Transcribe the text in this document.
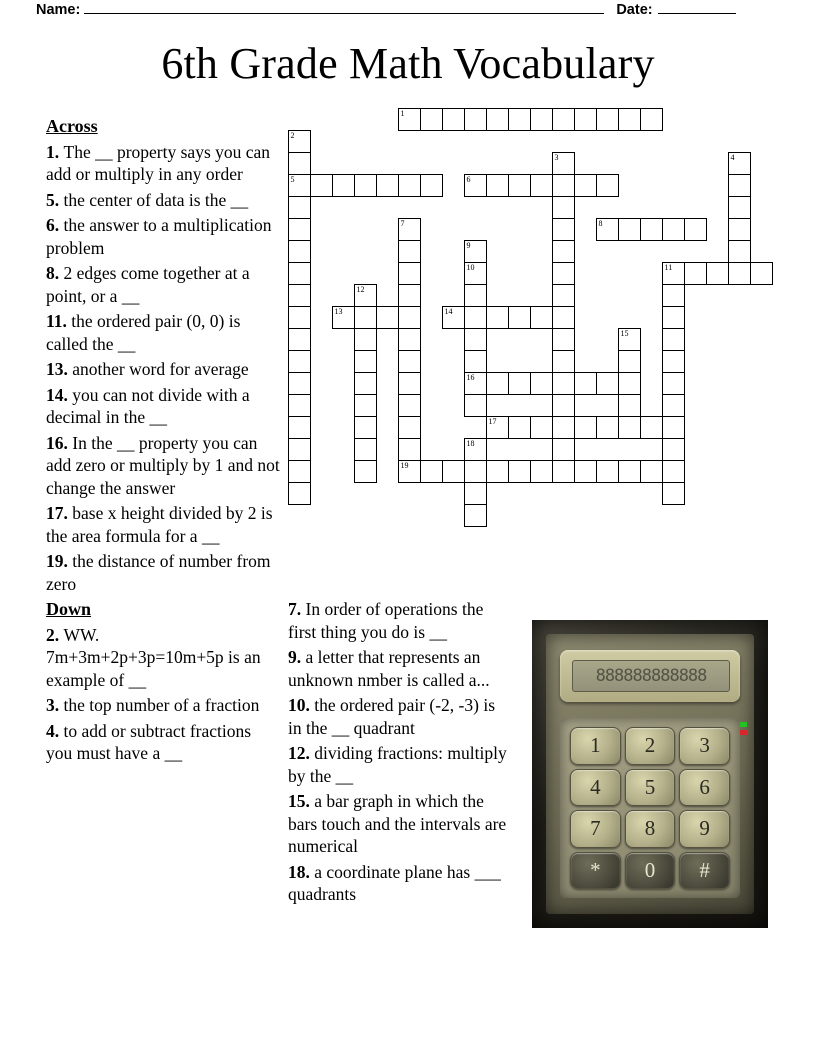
Name:	Date:
6th Grade Math Vocabulary
Across

1. The __ property says you can add or multiply in any order

5. the center of data is the __

6. the answer to a multiplication problem

8. 2 edges come together at a point, or a __

11. the ordered pair (0, 0) is called the __

13. another word for average

14. you can not divide with a decimal in the __

16. In the __ property you can add zero or multiply by 1 and not change the answer

17. base x height divided by 2 is the area formula for a __

19. the distance of number from zero

Down

2. WW. 7m+3m+2p+3p=10m+5p is an example of __

3. the top number of a fraction

4. to add or subtract fractions you must have a __

7. In order of operations the first thing you do is __

9. a letter that represents an unknown nmber is called a...

10. the ordered pair (-2, -3) is in the __ quadrant

12. dividing fractions: multiply by the __

15. a bar graph in which the bars touch and the intervals are numerical

18. a coordinate plane has ___ quadrants

1
2
3	4
5	6
7	8
9
10	11
12
13	14
15
16
17
18
19
888888888888
1	2	3
4	5	6
7	8	9
*	0	#
